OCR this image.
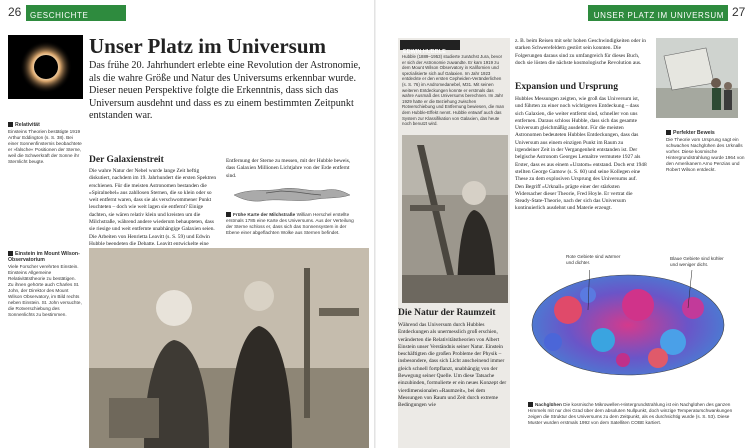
26	GESCHICHTE
Relativität
Einsteins Theorien bestätigte 1919 Arthur Eddington (s. S. 38). Bei einer Sonnenfinsternis beobachtete er »falsche« Positionen der Sterne, weil die Schwerkraft der Sonne ihr Sternlicht beugte.
Einstein im Mount Wilson-Observatorium
Viele Forscher verehrten Einstein. Einsteins Allgemeine Relativitätstheorie zu bestätigen. Zu ihnen gehörte auch Charles St. John, der Direktor des Mount Wilson Observatory, im Bild rechts neben Einstein. St. John versuchte, die Rotverschiebung des Sonnenlichts zu bestimmen.
Unser Platz im Universum
Das frühe 20. Jahrhundert erlebte eine Revolution der Astronomie, als die wahre Größe und Natur des Universums erkennbar wurde. Dieser neuen Perspektive folgte die Erkenntnis, dass sich das Universum ausdehnt und dass es zu einem bestimmten Zeitpunkt entstanden war.
Der Galaxienstreit
Die wahre Natur der Nebel wurde lange Zeit heftig diskutiert, nachdem im 19. Jahrhundert die ersten Spektren erschienen. Für die meisten Astronomen bestanden die »Spiralnebel« aus zahllosen Sternen, die so klein oder so weit entfernt waren, dass sie als verschwommener Punkt leuchteten – doch wie weit lagen sie entfernt? Einige dachten, sie wären relativ klein und kreisten um die Milchstraße, während andere wiederum behaupteten, dass sie riesige und weit entfernte unabhängige Galaxien seien. Die Arbeiten von Henrietta Leavitt (s. S. 59) und Edwin Hubble beendeten die Debatte. Leavitt entwickelte eine
Entfernung der Sterne zu messen, mit der Hubble beweis, dass Galaxien Millionen Lichtjahre von der Erde entfernt sind.
Frühe Karte der Milchstraße William Herschel erstellte erstmals 1785 eine Karte des Universums. Aus der Verteilung der Sterne schloss er, dass sich das Sonnensystem in der Ebene einer abgeflachten Wolke aus Sternen befindet.
UNSER PLATZ IM UNIVERSUM 27
EDWIN HUBBLE
Hubble (1889–1953) studierte zunächst Jura, bevor er sich der Astronomie zuwandte. Er kam 1919 zu dem Mount Wilson Observatory in Kalifornien und spezialisierte sich auf Galaxien. Im Jahr 1923 entdeckte er den ersten Cepheiden-Veränderlichen (s. S. 76) im Andromedanebel, M31. Mit seinen weiteren Entdeckungen konnte er erstmals das wahre Ausmaß des Universums berechnen. Im Jahr 1929 hatte er die Beziehung zwischen Rotverschiebung und Entfernung bewiesen, die man dem Hubble-Effekt nennt. Hubble entwarf auch das System zur Klassifikation von Galaxien, das heute noch benutzt wird.
Die Natur der Raumzeit
Während das Universum durch Hubbles Entdeckungen als unermesslich groß erschien, veränderten die Relativitätstheorien von Albert Einstein unser Verständnis seiner Natur. Einstein beschäftigten die großen Probleme der Physik – insbesondere, dass sich Licht anscheinend immer gleich schnell fortpflanzt, unabhängig von der Bewegung seiner Quelle. Um diese Tatsache einzubinden, formulierte er ein neues Konzept der vierdimensionalen »Raumzeit«, bei dem Messungen von Raum und Zeit durch extreme Bedingungen wie
z. B. beim Reisen mit sehr hohen Geschwindigkeiten oder in starken Schwerefeldern gestört sein konnten. Die Folgerungen daraus sind zu umfangreich für dieses Buch, doch sie lösten die nächste kosmologische Revolution aus.
Expansion und Ursprung
Hubbles Messungen zeigten, wie groß das Universum ist, und führten zu einer noch wichtigeren Entdeckung – dass sich Galaxien, die weiter entfernt sind, schneller von uns entfernen. Daraus schloss Hubble, dass sich das gesamte Universum gleichmäßig ausdehnt. Für die meisten Astronomen bedeuteten Hubbles Entdeckungen, dass das Universum aus einem einzigen Punkt im Raum zu irgendeiner Zeit in der Vergangenheit entstanden ist. Der belgische Astronom Georges Lemaître vermutete 1927 als Erster, dass es aus einem »Uratom« entstand. Doch erst 1948 stellten George Gamow (s. S. 60) und seine Kollegen eine These zu dem explosiven Ursprung des Universums auf. Den Begriff »Urknall« prägte einer der stärksten Widersacher dieser Theorie, Fred Hoyle. Er vertrat die Steady-State-Theorie, nach der sich das Universum kontinuierlich ausdehnt und Materie erzeugt.
Perfekter Beweis
Die Theorie vom Ursprung sagt ein schwaches Nachglühen des Urknalls vorher. Diese kosmische Hintergrundstrahlung wurde 1964 von den Amerikanern Arno Penzias und Robert Wilson entdeckt.
Rote Gebiete sind wärmer und dichter.
Blaue Gebiete sind kühler und weniger dicht.
Nachglühen Die kosmische Mikrowellen-Hintergrundstrahlung ist ein Nachglühen des ganzen Himmels mit nur drei Grad über dem absoluten Nullpunkt, doch winzige Temperaturschwankungen zeigen die Struktur des Universums zu dem Zeitpunkt, als es durchsichtig wurde (s. S. 53). Diese Muster wurden erstmals 1992 von dem Satelliten COBE kartiert.
